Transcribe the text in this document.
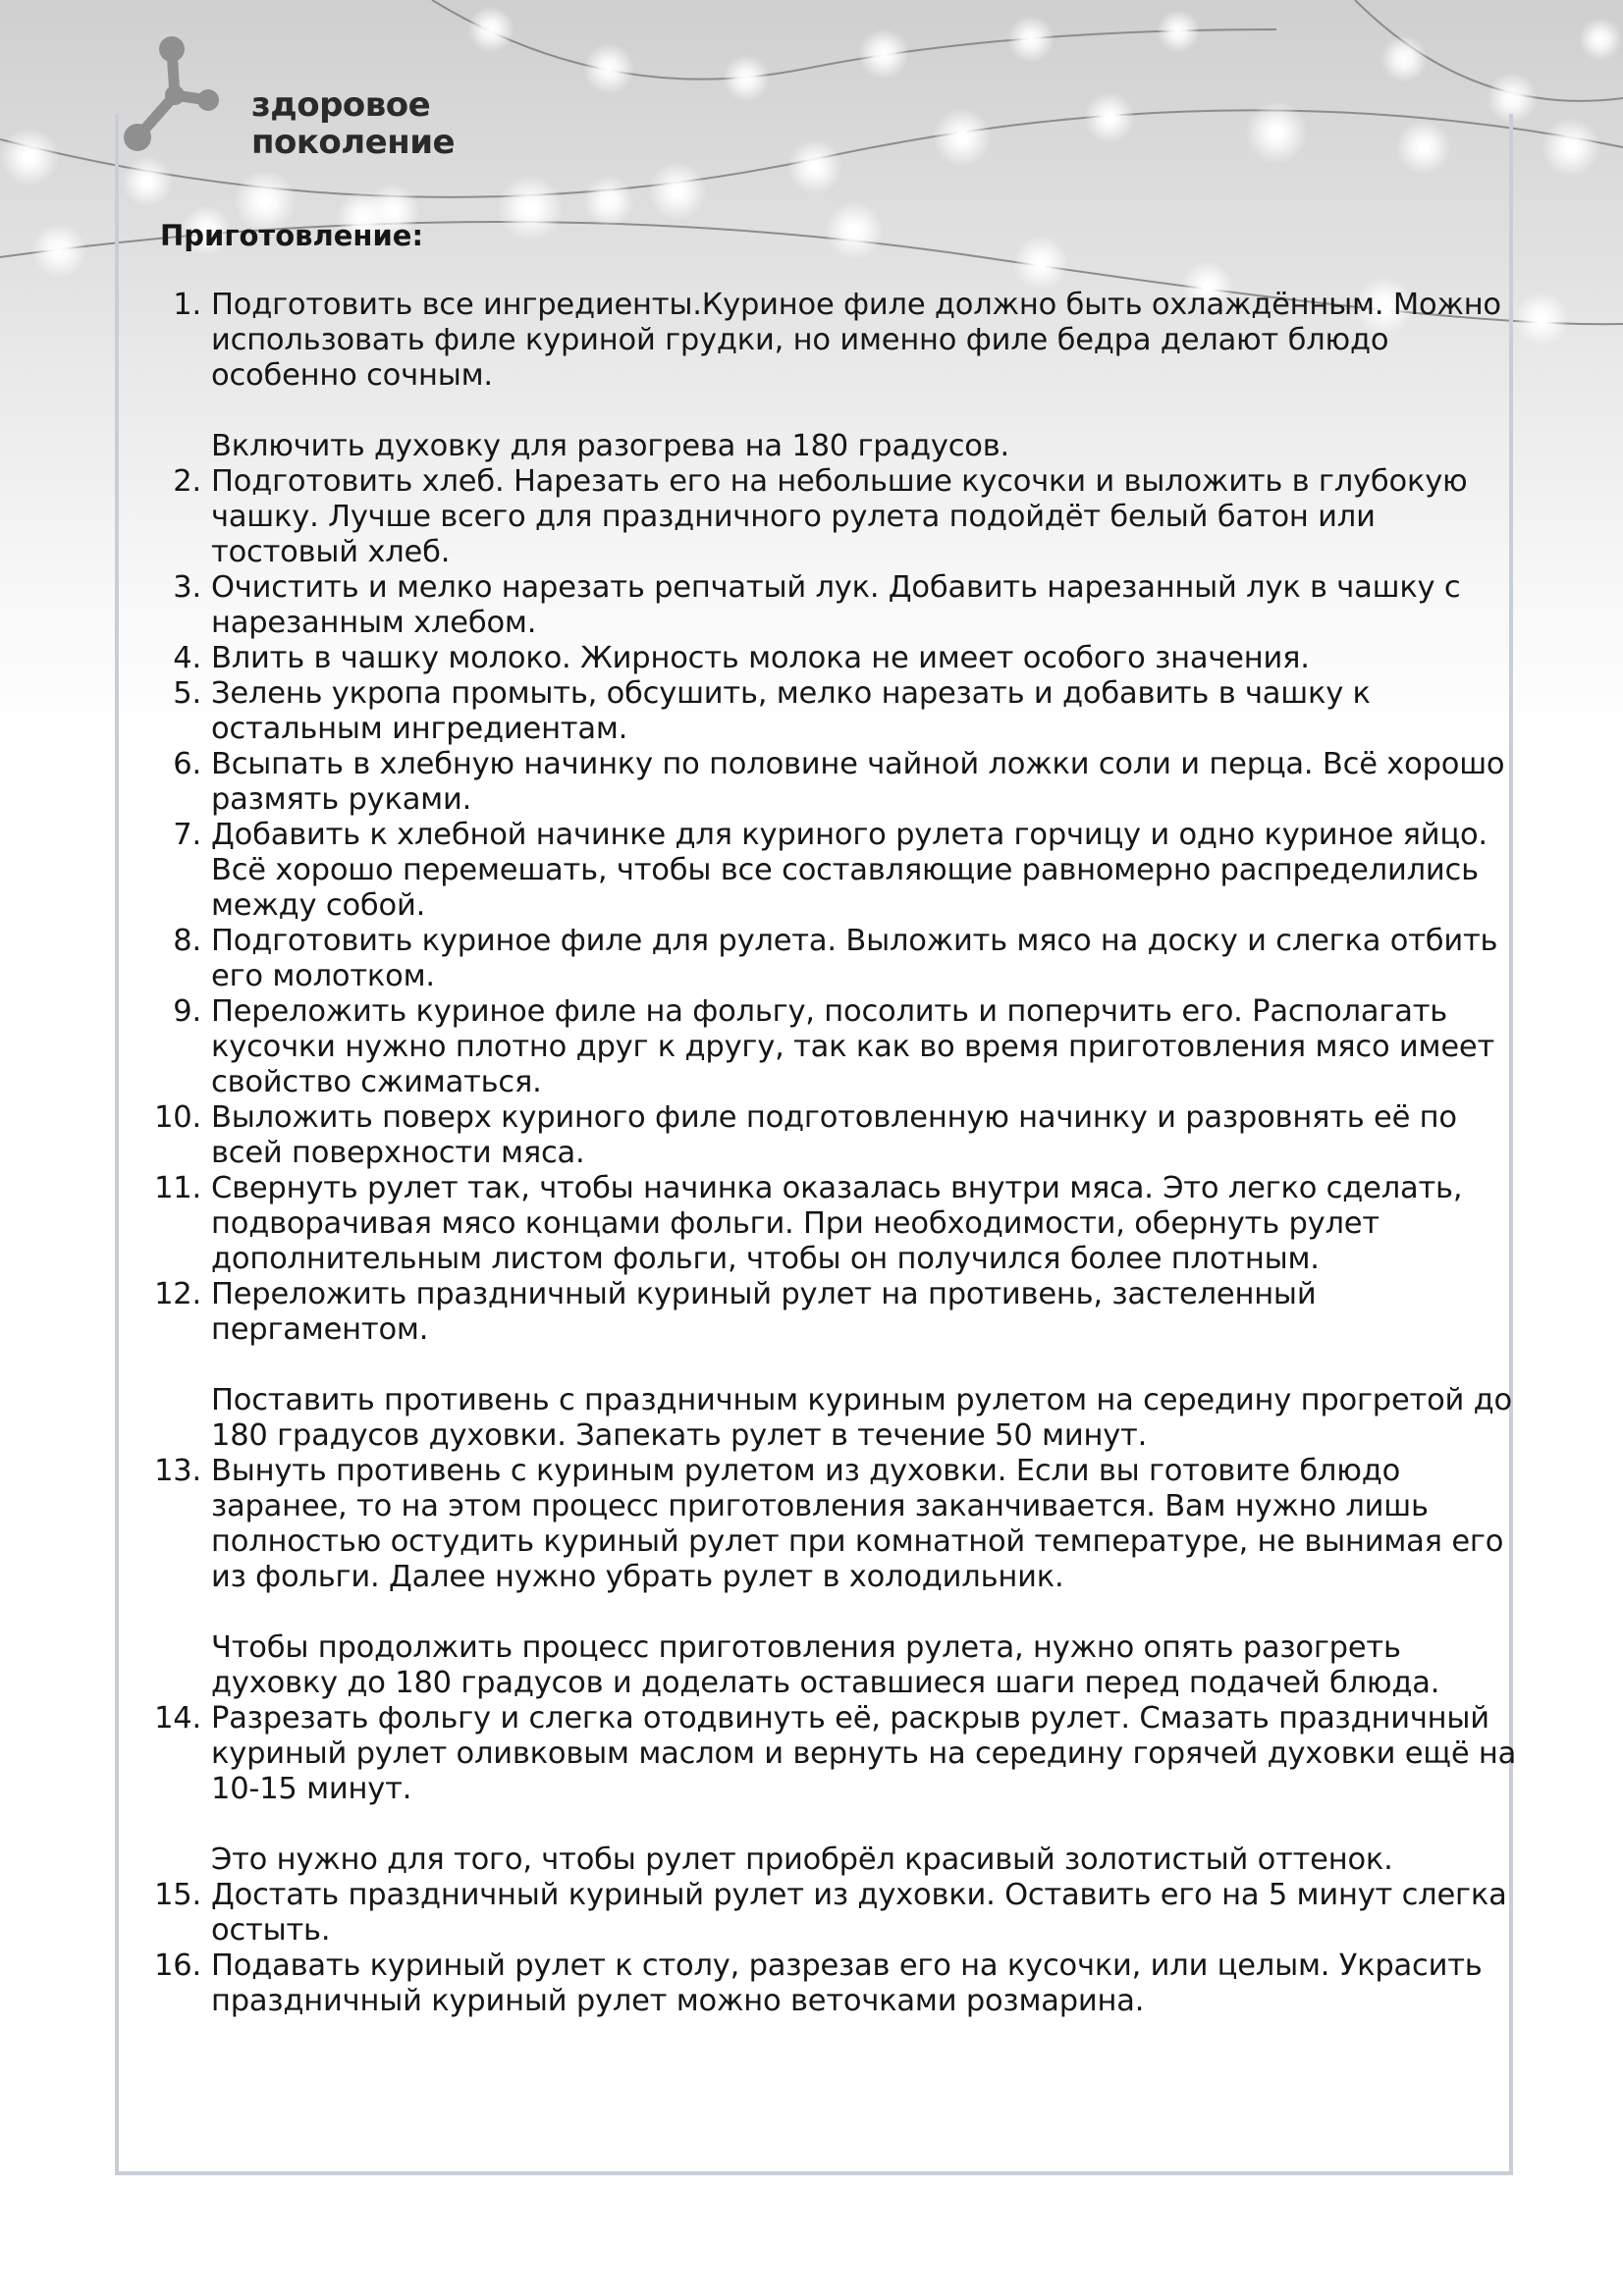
здоровое
поколение
Приготовление:
1. Подготовить все ингредиенты.Куриное филе должно быть охлаждённым. Можно использовать филе куриной грудки, но именно филе бедра делают блюдо особенно сочным.

Включить духовку для разогрева на 180 градусов.

2. Подготовить хлеб. Нарезать его на небольшие кусочки и выложить в глубокую чашку. Лучше всего для праздничного рулета подойдёт белый батон или тостовый хлеб.

3. Очистить и мелко нарезать репчатый лук. Добавить нарезанный лук в чашку с нарезанным хлебом.

4. Влить в чашку молоко. Жирность молока не имеет особого значения.

5. Зелень укропа промыть, обсушить, мелко нарезать и добавить в чашку к остальным ингредиентам.

6. Всыпать в хлебную начинку по половине чайной ложки соли и перца. Всё хорошо размять руками.

7. Добавить к хлебной начинке для куриного рулета горчицу и одно куриное яйцо. Всё хорошо перемешать, чтобы все составляющие равномерно распределились между собой.

8. Подготовить куриное филе для рулета. Выложить мясо на доску и слегка отбить его молотком.

9. Переложить куриное филе на фольгу, посолить и поперчить его. Располагать кусочки нужно плотно друг к другу, так как во время приготовления мясо имеет свойство сжиматься.

10. Выложить поверх куриного филе подготовленную начинку и разровнять её по всей поверхности мяса.

11. Свернуть рулет так, чтобы начинка оказалась внутри мяса. Это легко сделать, подворачивая мясо концами фольги. При необходимости, обернуть рулет дополнительным листом фольги, чтобы он получился более плотным.

12. Переложить праздничный куриный рулет на противень, застеленный пергаментом.

Поставить противень с праздничным куриным рулетом на середину прогретой до 180 градусов духовки. Запекать рулет в течение 50 минут.

13. Вынуть противень с куриным рулетом из духовки. Если вы готовите блюдо заранее, то на этом процесс приготовления заканчивается. Вам нужно лишь полностью остудить куриный рулет при комнатной температуре, не вынимая его из фольги. Далее нужно убрать рулет в холодильник.

Чтобы продолжить процесс приготовления рулета, нужно опять разогреть духовку до 180 градусов и доделать оставшиеся шаги перед подачей блюда.

14. Разрезать фольгу и слегка отодвинуть её, раскрыв рулет. Смазать праздничный куриный рулет оливковым маслом и вернуть на середину горячей духовки ещё на 10-15 минут.

Это нужно для того, чтобы рулет приобрёл красивый золотистый оттенок.

15. Достать праздничный куриный рулет из духовки. Оставить его на 5 минут слегка остыть.

16. Подавать куриный рулет к столу, разрезав его на кусочки, или целым. Украсить праздничный куриный рулет можно веточками розмарина.
